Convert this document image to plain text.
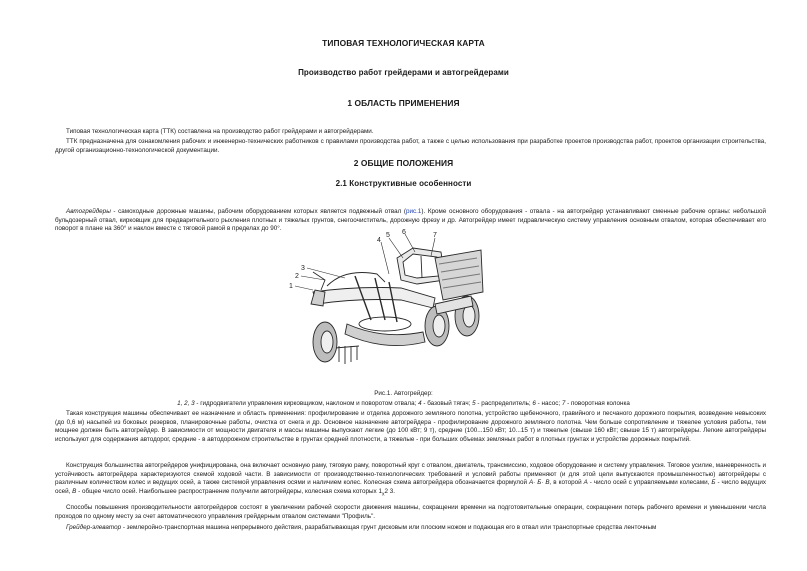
ТИПОВАЯ ТЕХНОЛОГИЧЕСКАЯ КАРТА
Производство работ грейдерами и автогрейдерами
1 ОБЛАСТЬ ПРИМЕНЕНИЯ
Типовая технологическая карта (ТТК) составлена на производство работ грейдерами и автогрейдерами.
ТТК предназначена для ознакомления рабочих и инженерно-технических работников с правилами производства работ, а также с целью использования при разработке проектов производства работ, проектов организации строительства, другой организационно-технологической документации.
2 ОБЩИЕ ПОЛОЖЕНИЯ
2.1 Конструктивные особенности
Автогрейдеры - самоходные дорожные машины, рабочим оборудованием которых является подвежный отвал (рис.1). Кроме основного оборудования - отвала - на автогрейдер устанавливают сменные рабочие органы: небольшой бульдозерный отвал, кирковщик для предварительного рыхления плотных и тяжелых грунтов, снегоочиститель, дорожную фрезу и др. Автогрейдер имеет гидравлическую систему управления основным отвалом, которая обеспечивает его поворот в плане на 360° и наклон вместе с тяговой рамой в пределах до 90°.
1
2
3
4
5 6	7
Рис.1. Автогрейдер:
1, 2, 3 - гидродвигатели управления кирковщиком, наклоном и поворотом отвала; 4 - базовый тягач; 5 - распределитель; 6 - насос; 7 - поворотная колонка
Такая конструкция машины обеспечивает ее назначение и область применения: профилирование и отделка дорожного земляного полотна, устройство щебеночного, гравийного и песчаного дорожного покрытия, возведение невысоких (до 0,6 м) насыпей из боковых резервов, планировочные работы, очистка от снега и др. Основное назначение автогрейдера - профилирование дорожного земляного полотна. Чем больше сопротивление и тяжелее условия работы, тем мощнее должен быть автогрейдер. В зависимости от мощности двигателя и массы машины выпускают легкие (до 100 кВт; 9 т), средние (100...150 кВт; 10...15 т) и тяжелые (свыше 160 кВт; свыше 15 т) автогрейдеры. Легкие автогрейдеры используют для содержания автодорог, средние - в автодорожном строительстве в грунтах средней плотности, а тяжелые - при больших объемах земляных работ в плотных грунтах и устройстве дорожных покрытий.
Конструкция большинства автогрейдеров унифицирована, она включает основную раму, тяговую раму, поворотный круг с отвалом, двигатель, трансмиссию, ходовое оборудование и систему управления. Тяговое усилие, маневренность и устойчивость автогрейдера характеризуются схемой ходовой части. В зависимости от производственно-технологических требований и условий работы применяют (и для этой цели выпускаются промышленностью) автогрейдеры с различным количеством колес и ведущих осей, а также системой управления осями и наличием колес. Колесная схема автогрейдера обозначается формулой А· Б· В, в которой А - число осей с управляемыми колесами, Б - число ведущих осей, В - общее число осей. Наибольшее распространение получили автогрейдеры, колесная схема которых $1_х2$ 3.
Способы повышения производительности автогрейдеров состоят в увеличении рабочей скорости движения машины, сокращении времени на подготовительные операции, сокращении потерь рабочего времени и уменьшении числа проходов по одному месту за счет автоматического управления грейдерным отвалом системами "Профиль".
Грейдер-элеватор - землеройно-транспортная машина непрерывного действия, разрабатывающая грунт дисковым или плоским ножом и подающая его в отвал или транспортные средства ленточным
